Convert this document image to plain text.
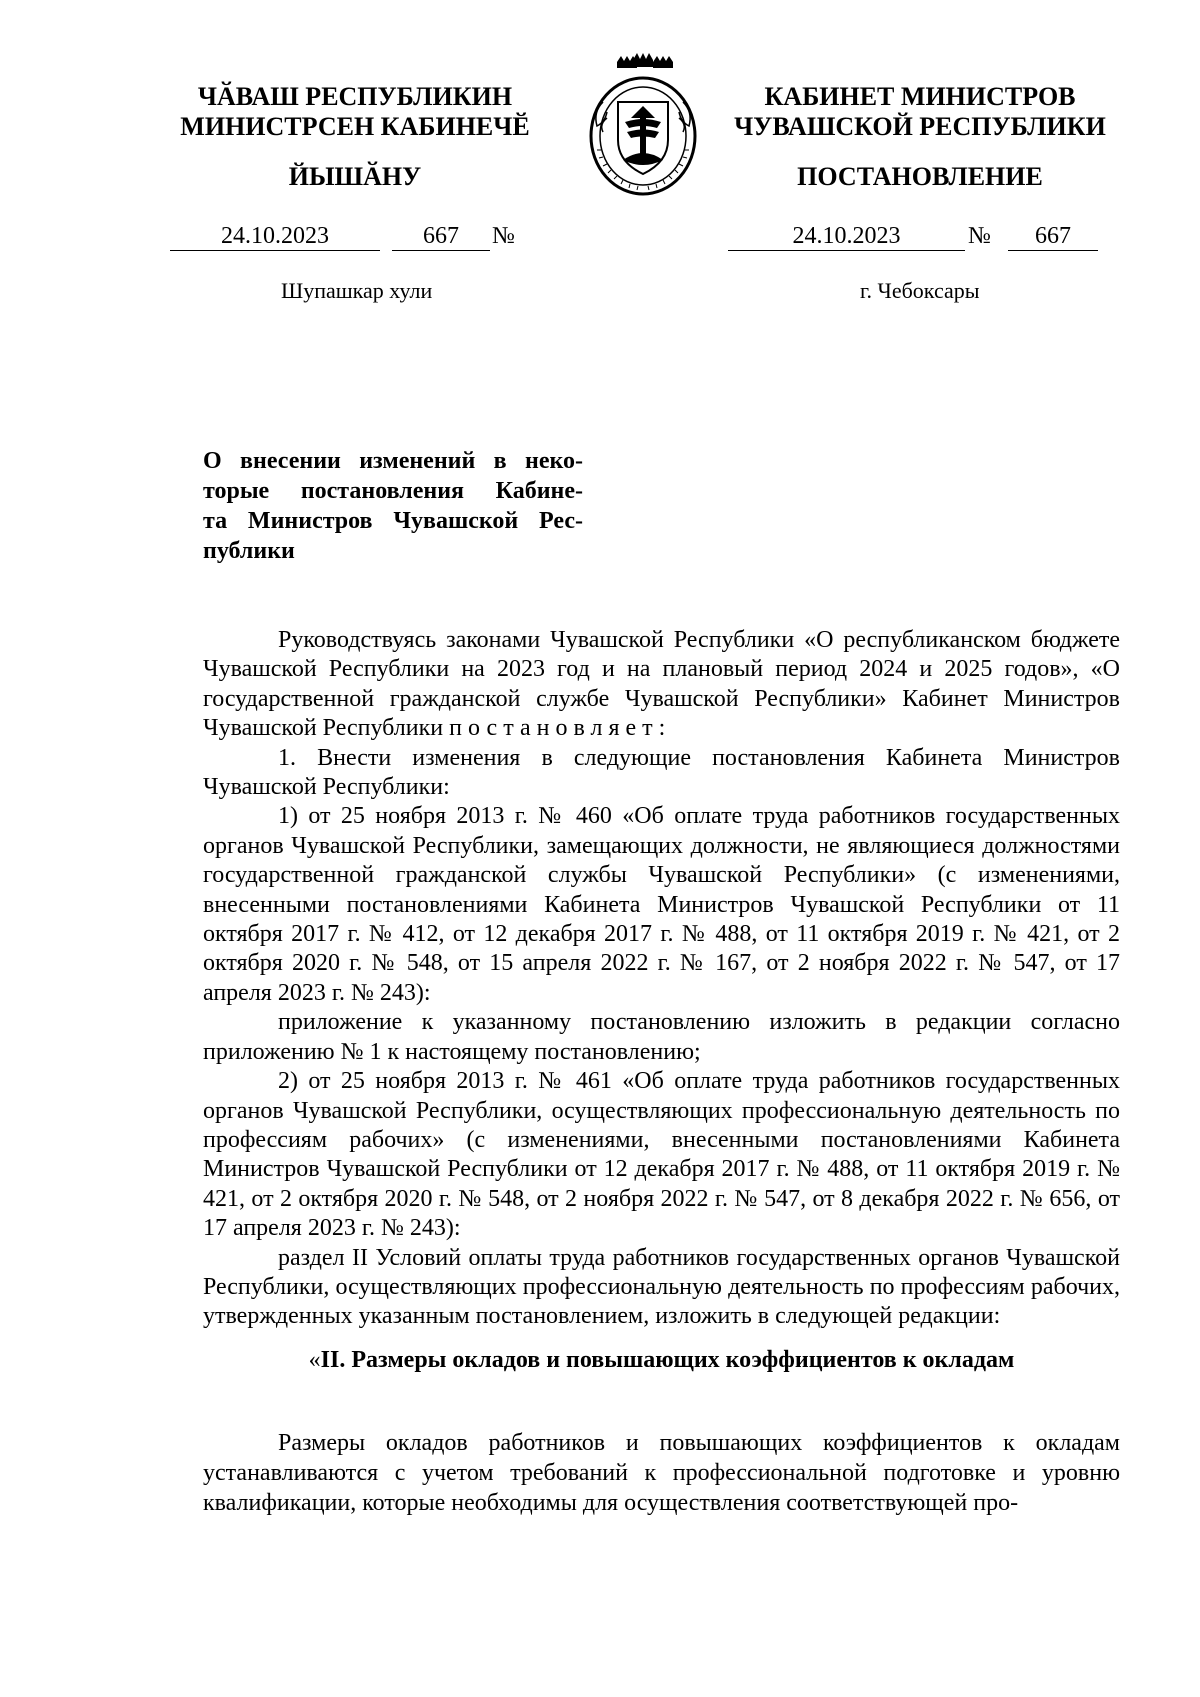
ЧӐВАШ РЕСПУБЛИКИН
МИНИСТРСЕН КАБИНЕЧӖ
ЙЫШӐНУ
КАБИНЕТ МИНИСТРОВ
ЧУВАШСКОЙ РЕСПУБЛИКИ
ПОСТАНОВЛЕНИЕ
24.10.2023	667	№	24.10.2023	№	667
Шупашкар хули	г. Чебоксары
О внесении изменений в неко-
торые постановления Кабине-
та Министров Чувашской Рес-
публики

Руководствуясь законами Чувашской Республики «О республиканском бюджете Чувашской Республики на 2023 год и на плановый период 2024 и 2025 годов», «О государственной гражданской службе Чувашской Республики» Кабинет Министров Чувашской Республики постановляет:

1. Внести изменения в следующие постановления Кабинета Министров Чувашской Республики:

1) от 25 ноября 2013 г. № 460 «Об оплате труда работников государственных органов Чувашской Республики, замещающих должности, не являющиеся должностями государственной гражданской службы Чувашской Республики» (с изменениями, внесенными постановлениями Кабинета Министров Чувашской Республики от 11 октября 2017 г. № 412, от 12 декабря 2017 г. № 488, от 11 октября 2019 г. № 421, от 2 октября 2020 г. № 548, от 15 апреля 2022 г. № 167, от 2 ноября 2022 г. № 547, от 17 апреля 2023 г. № 243):

приложение к указанному постановлению изложить в редакции согласно приложению № 1 к настоящему постановлению;

2) от 25 ноября 2013 г. № 461 «Об оплате труда работников государственных органов Чувашской Республики, осуществляющих профессиональную деятельность по профессиям рабочих» (с изменениями, внесенными постановлениями Кабинета Министров Чувашской Республики от 12 декабря 2017 г. № 488, от 11 октября 2019 г. № 421, от 2 октября 2020 г. № 548, от 2 ноября 2022 г. № 547, от 8 декабря 2022 г. № 656, от 17 апреля 2023 г. № 243):

раздел II Условий оплаты труда работников государственных органов Чувашской Республики, осуществляющих профессиональную деятельность по профессиям рабочих, утвержденных указанным постановлением, изложить в следующей редакции:

«II. Размеры окладов и повышающих коэффициентов к окладам

Размеры окладов работников и повышающих коэффициентов к окладам устанавливаются с учетом требований к профессиональной подготовке и уровню квалификации, которые необходимы для осуществления соответствующей про-
